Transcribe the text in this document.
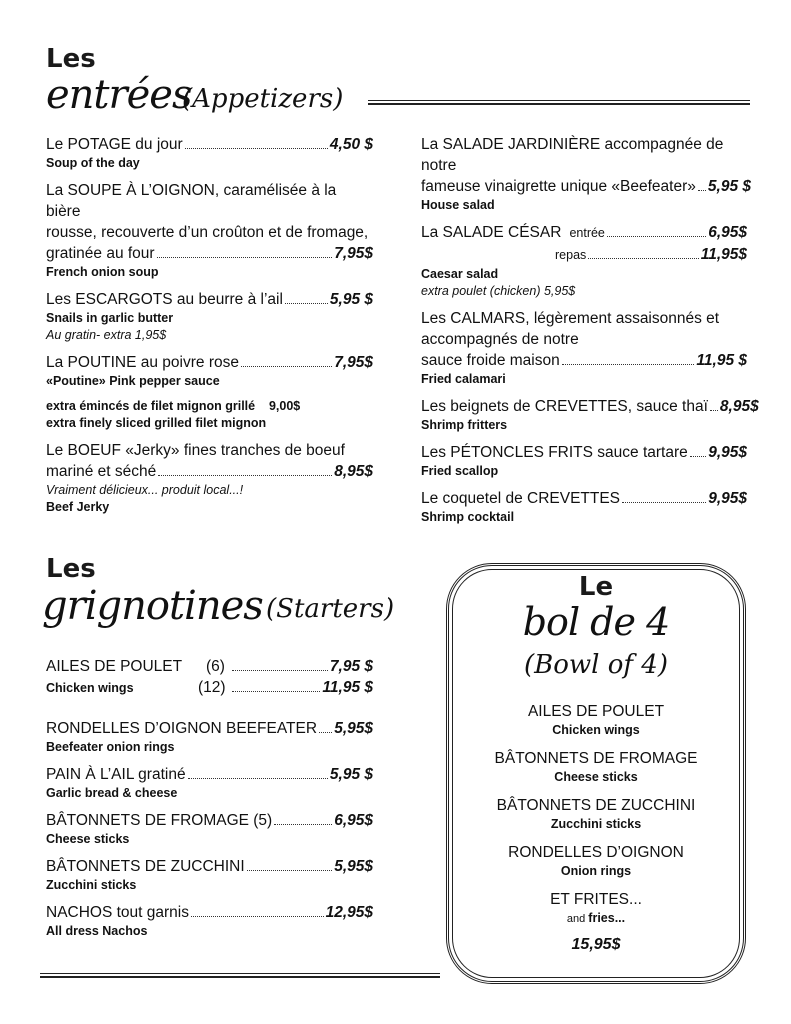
Les
entrées
(Appetizers)
Le POTAGE du jour	4,50 $
Soup of the day
La SOUPE À L’OIGNON, caramélisée à la bière
rousse, recouverte d’un croûton et de fromage,
gratinée au four	7,95$
French onion soup
Les ESCARGOTS au beurre à l’ail	5,95 $
Snails in garlic butter
Au gratin- extra 1,95$
La POUTINE au poivre rose	7,95$
«Poutine» Pink pepper sauce
extra émincés de filet mignon grillé    9,00$
extra finely sliced grilled filet mignon
Le BOEUF «Jerky» fines tranches de boeuf
mariné et séché	8,95$
Vraiment délicieux... produit local...!
Beef Jerky
La SALADE JARDINIÈRE accompagnée de notre
fameuse vinaigrette unique «Beefeater» 5,95 $
House salad
La SALADE CÉSAR entrée	6,95$
repas	11,95$
Caesar salad
extra poulet (chicken) 5,95$
Les CALMARS, légèrement assaisonnés et
accompagnés de notre
sauce froide maison	11,95 $
Fried calamari
Les beignets de CREVETTES, sauce thaï 8,95$
Shrimp fritters
Les PÉTONCLES FRITS sauce tartare 9,95$
Fried scallop
Le coquetel de CREVETTES	9,95$
Shrimp cocktail
Les
grignotines (Starters)
AILES DE POULET	(6)	7,95 $
Chicken wings	(12)	11,95 $
RONDELLES D’OIGNON BEEFEATER 5,95$
Beefeater onion rings
PAIN À L’AIL gratiné	5,95 $
Garlic bread & cheese
BÂTONNETS DE FROMAGE (5)	6,95$
Cheese sticks
BÂTONNETS DE ZUCCHINI	5,95$
Zucchini sticks
NACHOS tout garnis	12,95$
All dress Nachos
Le
bol de 4
(Bowl of 4)
AILES DE POULET
Chicken wings
BÂTONNETS DE FROMAGE
Cheese sticks
BÂTONNETS DE ZUCCHINI
Zucchini sticks
RONDELLES D’OIGNON
Onion rings
ET FRITES...
and fries...
15,95$
